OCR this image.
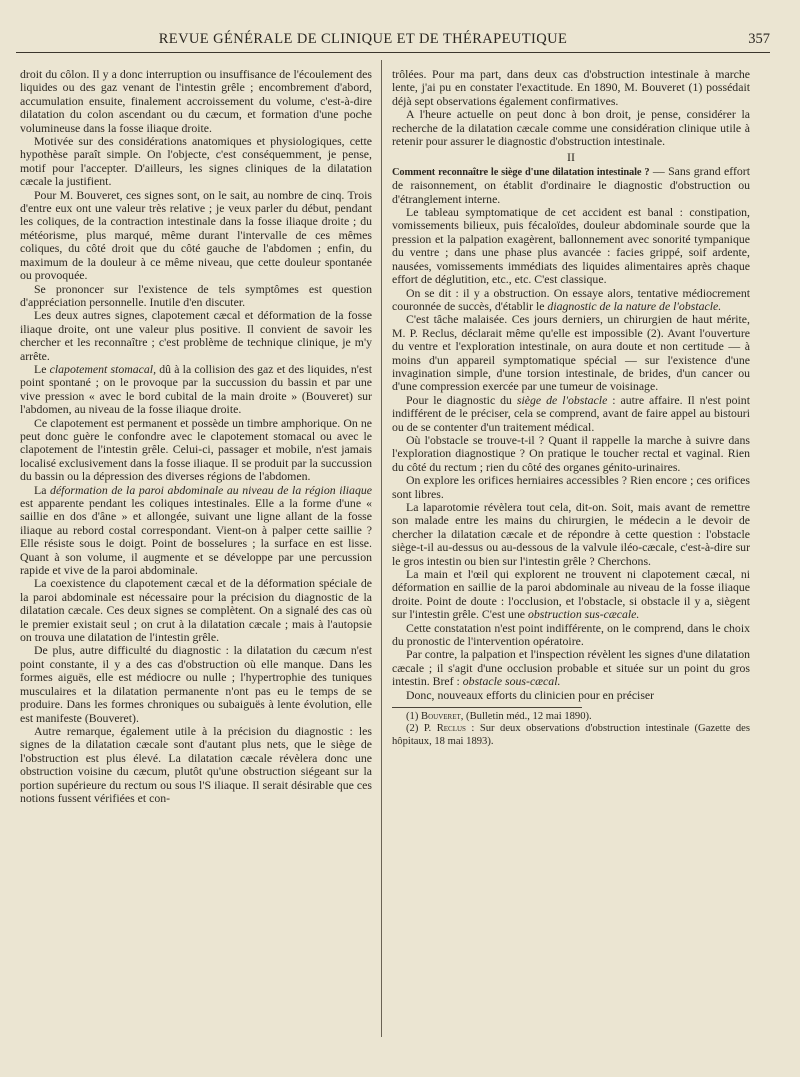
REVUE GÉNÉRALE DE CLINIQUE ET DE THÉRAPEUTIQUE	357

droit du côlon. Il y a donc interruption ou insuffisance de l'écoulement des liquides ou des gaz venant de l'intestin grêle ; encombrement d'abord, accumulation ensuite, finalement accroissement du volume, c'est-à-dire dilatation du colon ascendant ou du cæcum, et formation d'une poche volumineuse dans la fosse iliaque droite.

Motivée sur des considérations anatomiques et physiologiques, cette hypothèse paraît simple. On l'objecte, c'est conséquemment, je pense, motif pour l'accepter. D'ailleurs, les signes cliniques de la dilatation cæcale la justifient.

Pour M. Bouveret, ces signes sont, on le sait, au nombre de cinq. Trois d'entre eux ont une valeur très relative ; je veux parler du début, pendant les coliques, de la contraction intestinale dans la fosse iliaque droite ; du météorisme, plus marqué, même durant l'intervalle de ces mêmes coliques, du côté droit que du côté gauche de l'abdomen ; enfin, du maximum de la douleur à ce même niveau, que cette douleur spontanée ou provoquée.

Se prononcer sur l'existence de tels symptômes est question d'appréciation personnelle. Inutile d'en discuter.

Les deux autres signes, clapotement cæcal et déformation de la fosse iliaque droite, ont une valeur plus positive. Il convient de savoir les chercher et les reconnaître ; c'est problème de technique clinique, je m'y arrête.

Le clapotement stomacal, dû à la collision des gaz et des liquides, n'est point spontané ; on le provoque par la succussion du bassin et par une vive pression « avec le bord cubital de la main droite » (Bouveret) sur l'abdomen, au niveau de la fosse iliaque droite.

Ce clapotement est permanent et possède un timbre amphorique. On ne peut donc guère le confondre avec le clapotement stomacal ou avec le clapotement de l'intestin grêle. Celui-ci, passager et mobile, n'est jamais localisé exclusivement dans la fosse iliaque. Il se produit par la succussion du bassin ou la dépression des diverses régions de l'abdomen.

La déformation de la paroi abdominale au niveau de la région iliaque est apparente pendant les coliques intestinales. Elle a la forme d'une « saillie en dos d'âne » et allongée, suivant une ligne allant de la fosse iliaque au rebord costal correspondant. Vient-on à palper cette saillie ? Elle résiste sous le doigt. Point de bosselures ; la surface en est lisse. Quant à son volume, il augmente et se développe par une percussion rapide et vive de la paroi abdominale.

La coexistence du clapotement cæcal et de la déformation spéciale de la paroi abdominale est nécessaire pour la précision du diagnostic de la dilatation cæcale. Ces deux signes se complètent. On a signalé des cas où le premier existait seul ; on crut à la dilatation cæcale ; mais à l'autopsie on trouva une dilatation de l'intestin grêle.

De plus, autre difficulté du diagnostic : la dilatation du cæcum n'est point constante, il y a des cas d'obstruction où elle manque. Dans les formes aiguës, elle est médiocre ou nulle ; l'hypertrophie des tuniques musculaires et la dilatation permanente n'ont pas eu le temps de se produire. Dans les formes chroniques ou subaiguës à lente évolution, elle est manifeste (Bouveret).

Autre remarque, également utile à la précision du diagnostic : les signes de la dilatation cæcale sont d'autant plus nets, que le siège de l'obstruction est plus élevé. La dilatation cæcale révèlera donc une obstruction voisine du cæcum, plutôt qu'une obstruction siégeant sur la portion supérieure du rectum ou sous l'S iliaque. Il serait désirable que ces notions fussent vérifiées et con-

trôlées. Pour ma part, dans deux cas d'obstruction intestinale à marche lente, j'ai pu en constater l'exactitude. En 1890, M. Bouveret (1) possédait déjà sept observations également confirmatives.

A l'heure actuelle on peut donc à bon droit, je pense, considérer la recherche de la dilatation cæcale comme une considération clinique utile à retenir pour assurer le diagnostic d'obstruction intestinale.

II

Comment reconnaître le siège d'une dilatation intestinale ? — Sans grand effort de raisonnement, on établit d'ordinaire le diagnostic d'obstruction ou d'étranglement interne.

Le tableau symptomatique de cet accident est banal : constipation, vomissements bilieux, puis fécaloïdes, douleur abdominale sourde que la pression et la palpation exagèrent, ballonnement avec sonorité tympanique du ventre ; dans une phase plus avancée : facies grippé, soif ardente, nausées, vomissements immédiats des liquides alimentaires après chaque effort de déglutition, etc., etc. C'est classique.

On se dit : il y a obstruction. On essaye alors, tentative médiocrement couronnée de succès, d'établir le diagnostic de la nature de l'obstacle.

C'est tâche malaisée. Ces jours derniers, un chirurgien de haut mérite, M. P. Reclus, déclarait même qu'elle est impossible (2). Avant l'ouverture du ventre et l'exploration intestinale, on aura doute et non certitude — à moins d'un appareil symptomatique spécial — sur l'existence d'une invagination simple, d'une torsion intestinale, de brides, d'un cancer ou d'une compression exercée par une tumeur de voisinage.

Pour le diagnostic du siège de l'obstacle : autre affaire. Il n'est point indifférent de le préciser, cela se comprend, avant de faire appel au bistouri ou de se contenter d'un traitement médical.

Où l'obstacle se trouve-t-il ? Quant il rappelle la marche à suivre dans l'exploration diagnostique ? On pratique le toucher rectal et vaginal. Rien du côté du rectum ; rien du côté des organes génito-urinaires.

On explore les orifices herniaires accessibles ? Rien encore ; ces orifices sont libres.

La laparotomie révèlera tout cela, dit-on. Soit, mais avant de remettre son malade entre les mains du chirurgien, le médecin a le devoir de chercher la dilatation cæcale et de répondre à cette question : l'obstacle siège-t-il au-dessus ou au-dessous de la valvule iléo-cæcale, c'est-à-dire sur le gros intestin ou bien sur l'intestin grêle ? Cherchons.

La main et l'œil qui explorent ne trouvent ni clapotement cæcal, ni déformation en saillie de la paroi abdominale au niveau de la fosse iliaque droite. Point de doute : l'occlusion, et l'obstacle, si obstacle il y a, siègent sur l'intestin grêle. C'est une obstruction sus-cæcale.

Cette constatation n'est point indifférente, on le comprend, dans le choix du pronostic de l'intervention opératoire.

Par contre, la palpation et l'inspection révèlent les signes d'une dilatation cæcale ; il s'agit d'une occlusion probable et située sur un point du gros intestin. Bref : obstacle sous-cæcal.

Donc, nouveaux efforts du clinicien pour en préciser

(1) Bouveret, (Bulletin méd., 12 mai 1890).

(2) P. Reclus : Sur deux observations d'obstruction intestinale (Gazette des hôpitaux, 18 mai 1893).
